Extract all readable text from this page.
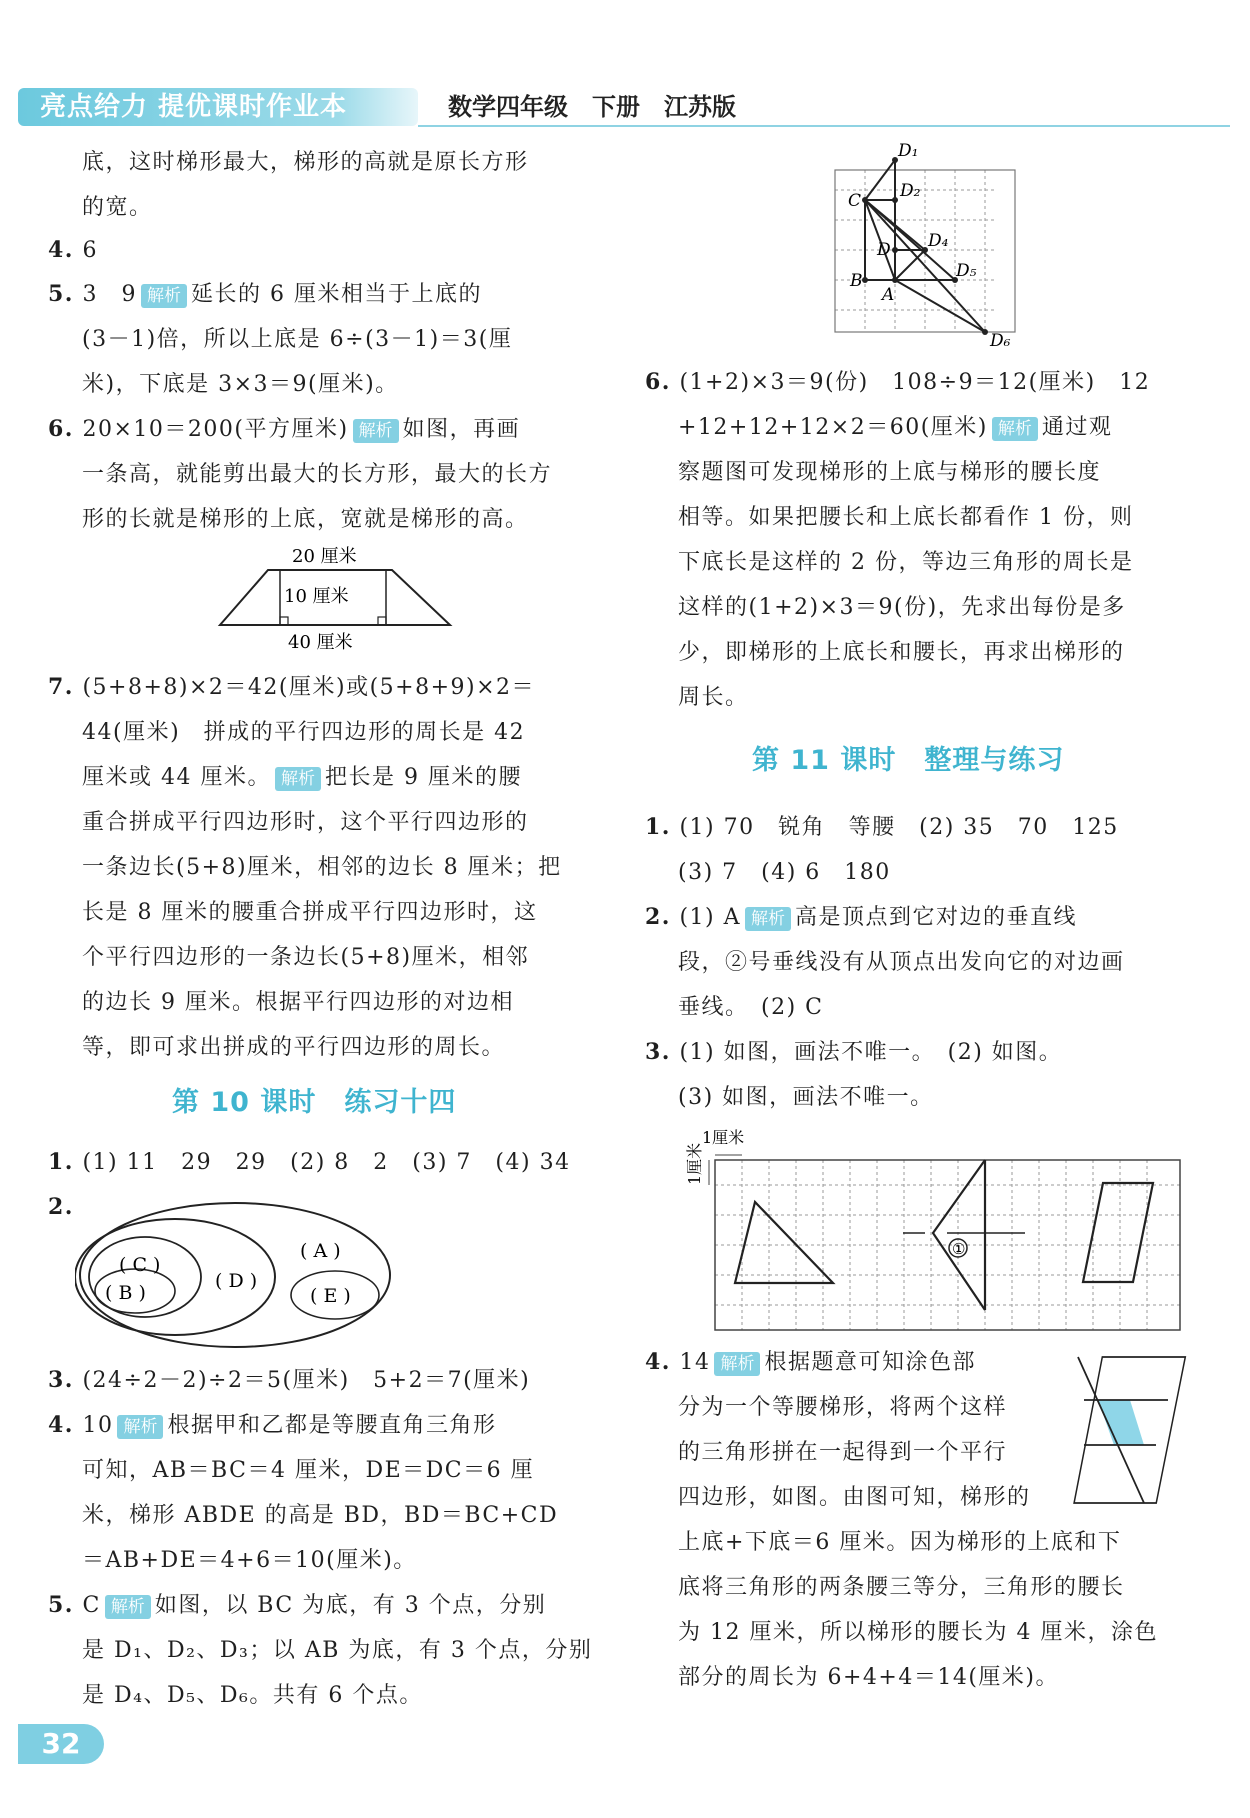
亮点给力 提优课时作业本	数学四年级　下册　江苏版
底，这时梯形最大，梯形的高就是原长方形
的宽。
4. 6
5. 3　9 解析 延长的 6 厘米相当于上底的
(3－1)倍，所以上底是 6÷(3－1)＝3(厘
米)，下底是 3×3＝9(厘米)。
6. 20×10＝200(平方厘米) 解析 如图，再画
一条高，就能剪出最大的长方形，最大的长方
形的长就是梯形的上底，宽就是梯形的高。
20 厘米
10 厘米
40 厘米
7. (5+8+8)×2＝42(厘米)或(5+8+9)×2＝
44(厘米)　拼成的平行四边形的周长是 42
厘米或 44 厘米。 解析 把长是 9 厘米的腰
重合拼成平行四边形时，这个平行四边形的
一条边长(5+8)厘米，相邻的边长 8 厘米；把
长是 8 厘米的腰重合拼成平行四边形时，这
个平行四边形的一条边长(5+8)厘米，相邻
的边长 9 厘米。根据平行四边形的对边相
等，即可求出拼成的平行四边形的周长。
第 10 课时　练习十四
1. (1) 11　29　29　(2) 8　2　(3) 7　(4) 34
2.
( C )
( B )
( D )
( A )
( E )
3. (24÷2－2)÷2＝5(厘米)　5+2＝7(厘米)
4. 10 解析 根据甲和乙都是等腰直角三角形
可知，AB＝BC＝4 厘米，DE＝DC＝6 厘
米，梯形 ABDE 的高是 BD，BD＝BC+CD
＝AB+DE＝4+6＝10(厘米)。
5. C 解析 如图，以 BC 为底，有 3 个点，分别
是 D₁、D₂、D₃；以 AB 为底，有 3 个点，分别
是 D₄、D₅、D₆。共有 6 个点。
D₁
D₂
C
D D₄
B	D₅
A
D₆
6. (1+2)×3＝9(份)　108÷9＝12(厘米)　12
+12+12+12×2＝60(厘米) 解析 通过观
察题图可发现梯形的上底与梯形的腰长度
相等。如果把腰长和上底长都看作 1 份，则
下底长是这样的 2 份，等边三角形的周长是
这样的(1+2)×3＝9(份)，先求出每份是多
少，即梯形的上底长和腰长，再求出梯形的
周长。
第 11 课时　整理与练习
1. (1) 70　锐角　等腰　(2) 35　70　125
(3) 7　(4) 6　180
2. (1) A 解析 高是顶点到它对边的垂直线
段，②号垂线没有从顶点出发向它的对边画
垂线。　(2) C
3. (1) 如图，画法不唯一。　(2) 如图。
(3) 如图，画法不唯一。
1厘米
1厘米
①
4. 14 解析 根据题意可知涂色部
分为一个等腰梯形，将两个这样
的三角形拼在一起得到一个平行
四边形，如图。由图可知，梯形的
上底+下底＝6 厘米。因为梯形的上底和下
底将三角形的两条腰三等分，三角形的腰长
为 12 厘米，所以梯形的腰长为 4 厘米，涂色
部分的周长为 6+4+4＝14(厘米)。
32
